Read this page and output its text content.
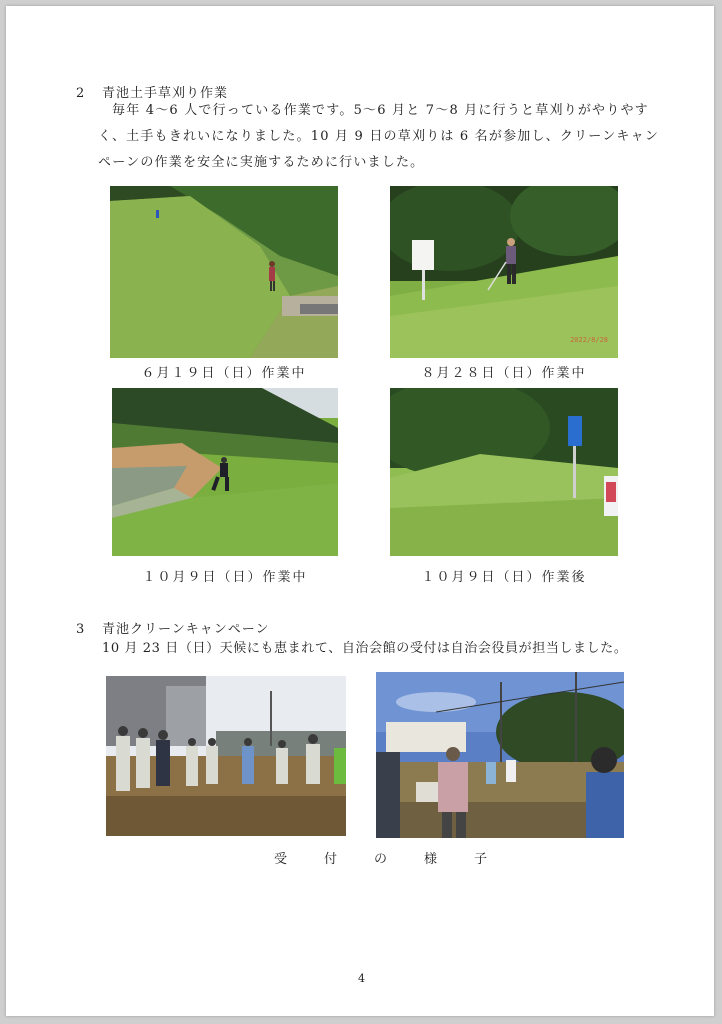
2 青池土手草刈り作業
毎年 4～6 人で行っている作業です。5～6 月と 7～8 月に行うと草刈りがやりやす
く、土手もきれいになりました。10 月 9 日の草刈りは 6 名が参加し、クリーンキャン
ペーンの作業を安全に実施するために行いました。
６月１９日（日）作業中
2022/8/28
８月２８日（日）作業中
１０月９日（日）作業中	１０月９日（日）作業後
3 青池クリーンキャンペーン
10 月 23 日（日）天候にも恵まれて、自治会館の受付は自治会役員が担当しました。
受付の様子
4
